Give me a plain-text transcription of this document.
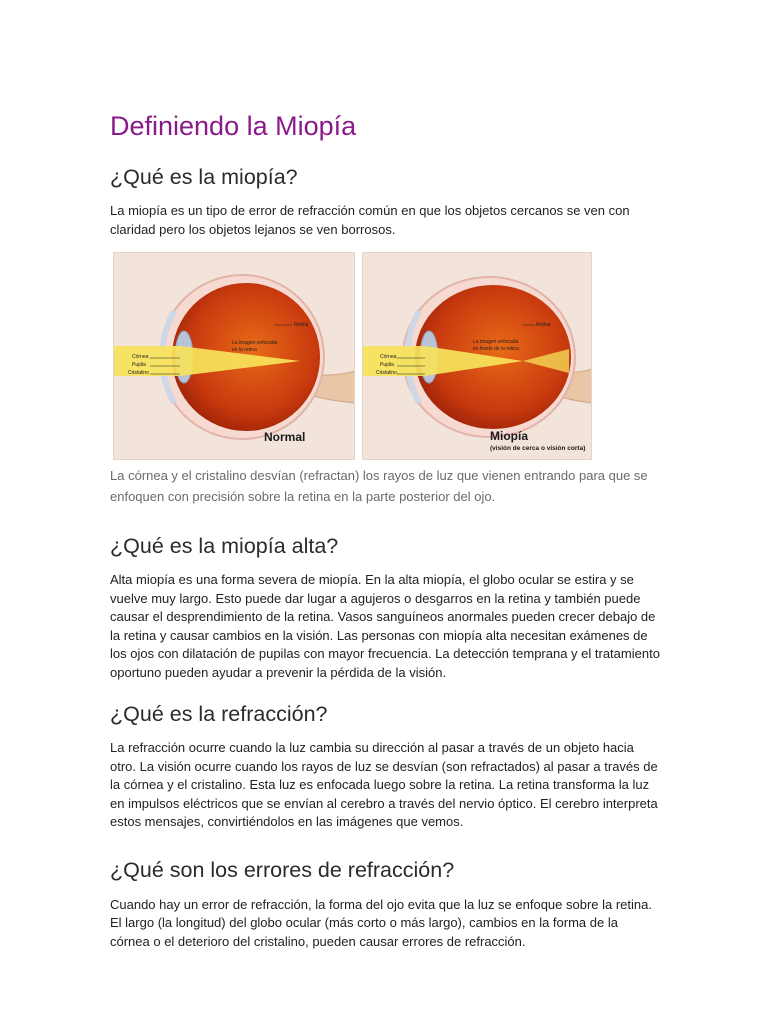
Definiendo la Miopía
¿Qué es la miopía?

La miopía es un tipo de error de refracción común en que los objetos cercanos se ven con claridad pero los objetos lejanos se ven borrosos.

Retina
La imagen enfocada
en la retina
Córnea
Pupila
Cristalino
Normal
Retina
La imagen enfocada
en frente de la retina
Córnea
Pupila
Cristalino
Miopía
(visión de cerca o visión corta)

La córnea y el cristalino desvían (refractan) los rayos de luz que vienen entrando para que se enfoquen con precisión sobre la retina en la parte posterior del ojo.

¿Qué es la miopía alta?

Alta miopía es una forma severa de miopía. En la alta miopía, el globo ocular se estira y se vuelve muy largo. Esto puede dar lugar a agujeros o desgarros en la retina y también puede causar el desprendimiento de la retina. Vasos sanguíneos anormales pueden crecer debajo de la retina y causar cambios en la visión. Las personas con miopía alta necesitan exámenes de los ojos con dilatación de pupilas con mayor frecuencia. La detección temprana y el tratamiento oportuno pueden ayudar a prevenir la pérdida de la visión.

¿Qué es la refracción?

La refracción ocurre cuando la luz cambia su dirección al pasar a través de un objeto hacia otro. La visión ocurre cuando los rayos de luz se desvían (son refractados) al pasar a través de la córnea y el cristalino. Esta luz es enfocada luego sobre la retina. La retina transforma la luz en impulsos eléctricos que se envían al cerebro a través del nervio óptico. El cerebro interpreta estos mensajes, convirtiéndolos en las imágenes que vemos.

¿Qué son los errores de refracción?

Cuando hay un error de refracción, la forma del ojo evita que la luz se enfoque sobre la retina. El largo (la longitud) del globo ocular (más corto o más largo), cambios en la forma de la córnea o el deterioro del cristalino, pueden causar errores de refracción.
